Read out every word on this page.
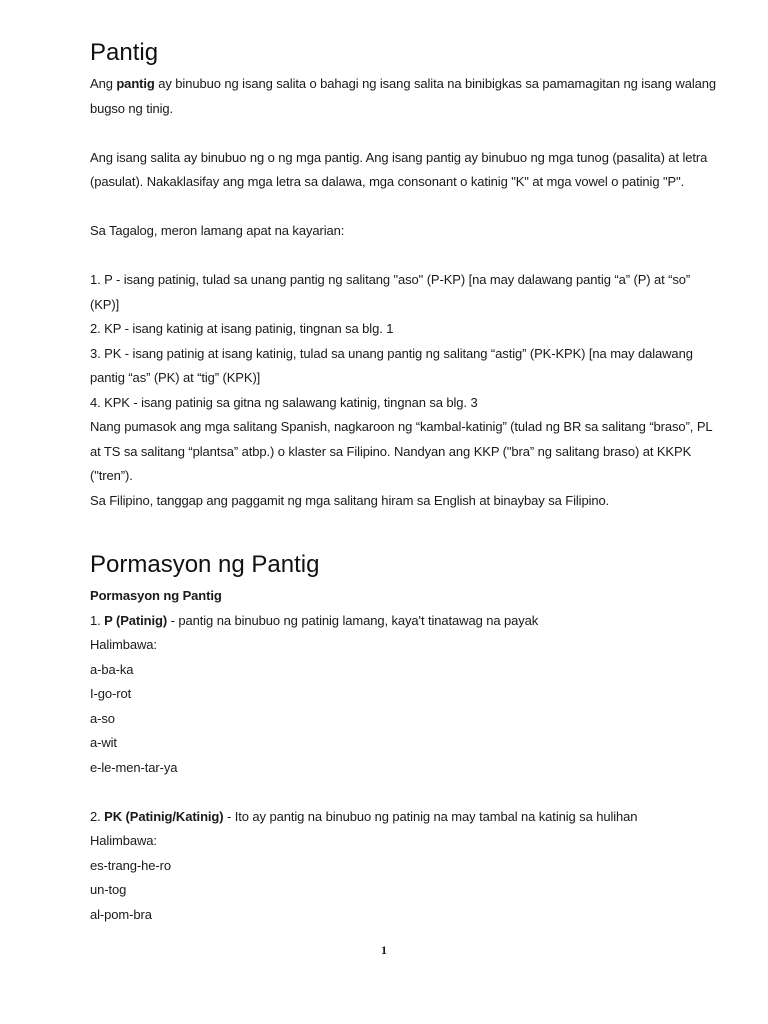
Pantig

Ang pantig ay binubuo ng isang salita o bahagi ng isang salita na binibigkas sa pamamagitan ng isang walang bugso ng tinig.

Ang isang salita ay binubuo ng o ng mga pantig. Ang isang pantig ay binubuo ng mga tunog (pasalita) at letra (pasulat). Nakaklasifay ang mga letra sa dalawa, mga consonant o katinig "K" at mga vowel o patinig "P".

Sa Tagalog, meron lamang apat na kayarian:

1. P - isang patinig, tulad sa unang pantig ng salitang "aso" (P-KP) [na may dalawang pantig “a” (P) at “so” (KP)]

2. KP - isang katinig at isang patinig, tingnan sa blg. 1

3. PK - isang patinig at isang katinig, tulad sa unang pantig ng salitang “astig” (PK-KPK) [na may dalawang pantig “as” (PK) at “tig” (KPK)]

4. KPK - isang patinig sa gitna ng salawang katinig, tingnan sa blg. 3

Nang pumasok ang mga salitang Spanish, nagkaroon ng “kambal-katinig” (tulad ng BR sa salitang “braso”, PL at TS sa salitang “plantsa” atbp.) o klaster sa Filipino. Nandyan ang KKP ("bra” ng salitang braso) at KKPK ("tren”).

Sa Filipino, tanggap ang paggamit ng mga salitang hiram sa English at binaybay sa Filipino.

Pormasyon ng Pantig

Pormasyon ng Pantig

1. P (Patinig) - pantig na binubuo ng patinig lamang, kaya't tinatawag na payak

Halimbawa:

a-ba-ka

I-go-rot

a-so

a-wit

e-le-men-tar-ya

2. PK (Patinig/Katinig) - Ito ay pantig na binubuo ng patinig na may tambal na katinig sa hulihan

Halimbawa:

es-trang-he-ro

un-tog

al-pom-bra

1
